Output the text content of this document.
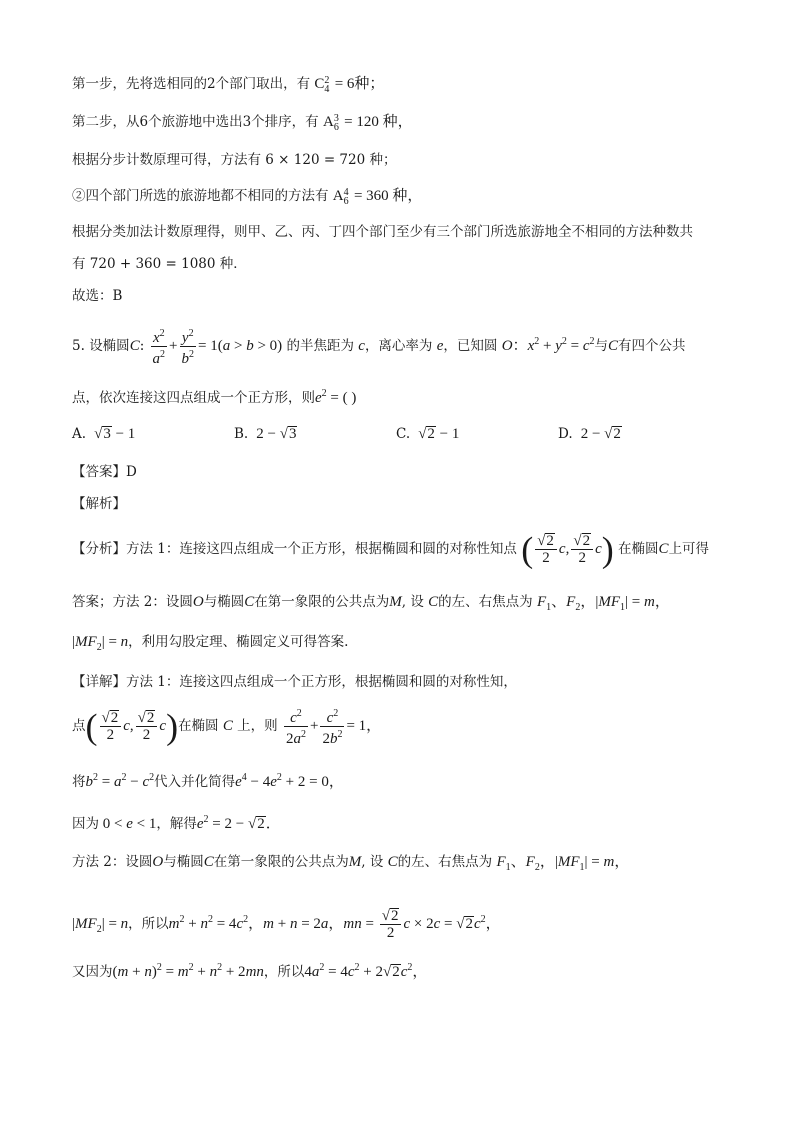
第一步，先将选相同的2个部门取出，有 C 2
4 = 6种；
第二步，从6个旅游地中选出3个排序，有 A 3
6 = 120 种，
根据分步计数原理可得，方法有 6 × 120 = 720 种；
②四个部门所选的旅游地都不相同的方法有 A 4
6 = 360 种，
根据分类加法计数原理得，则甲、乙、丙、丁四个部门至少有三个部门所选旅游地全不相同的方法种数共
有 720 + 360 = 1080 种．
故选：B
5. 设椭圆C: $\frac{x^2}{a^2} + \frac{y^2}{b^2} = 1(a > b > 0)$ 的半焦距为 c，离心率为 e，已知圆 O：$x^2 + y^2 = c^2$与C有四个公共
点，依次连接这四点组成一个正方形，则$e^2$ = ( )
A.  √3 − 1	B.  2 − √3	C.  √2 − 1	D.  2 − √2
【答案】D
【解析】
【分析】方法 1：连接这四点组成一个正方形，根据椭圆和圆的对称性知点 ( $\frac{√2}{2} c$, $\frac{√2}{2} c$) 在椭圆C上可得
答案；方法 2：设圆O与椭圆C在第一象限的公共点为M, 设 C的左、右焦点为 $F_1$、$F_2$，$|MF_1| = m$，
$|MF_2| = n$，利用勾股定理、椭圆定义可得答案.
【详解】方法 1：连接这四点组成一个正方形，根据椭圆和圆的对称性知，
点( $\frac{√2}{2} c$, $\frac{√2}{2} c$)在椭圆 C 上，则 $\frac{c^2}{2a^2} + \frac{c^2}{2b^2} = 1$，
将$b^2 = a^2 - c^2$代入并化简得$e^4 - 4e^2 + 2 = 0$，
因为 0 < e < 1，解得$e^2 = 2 - √2$．
方法 2：设圆O与椭圆C在第一象限的公共点为M, 设 C的左、右焦点为 $F_1$、$F_2$，$|MF_1| = m$，
$|MF_2| = n$，所以$m^2 + n^2 = 4c^2$，m + n = 2a，mn = $\frac{√2}{2}$ $c \times 2c = √2c^2$，
又因为$(m + n)^2 = m^2 + n^2 + 2mn$，所以$4a^2 = 4c^2 + 2√2c^2$，
